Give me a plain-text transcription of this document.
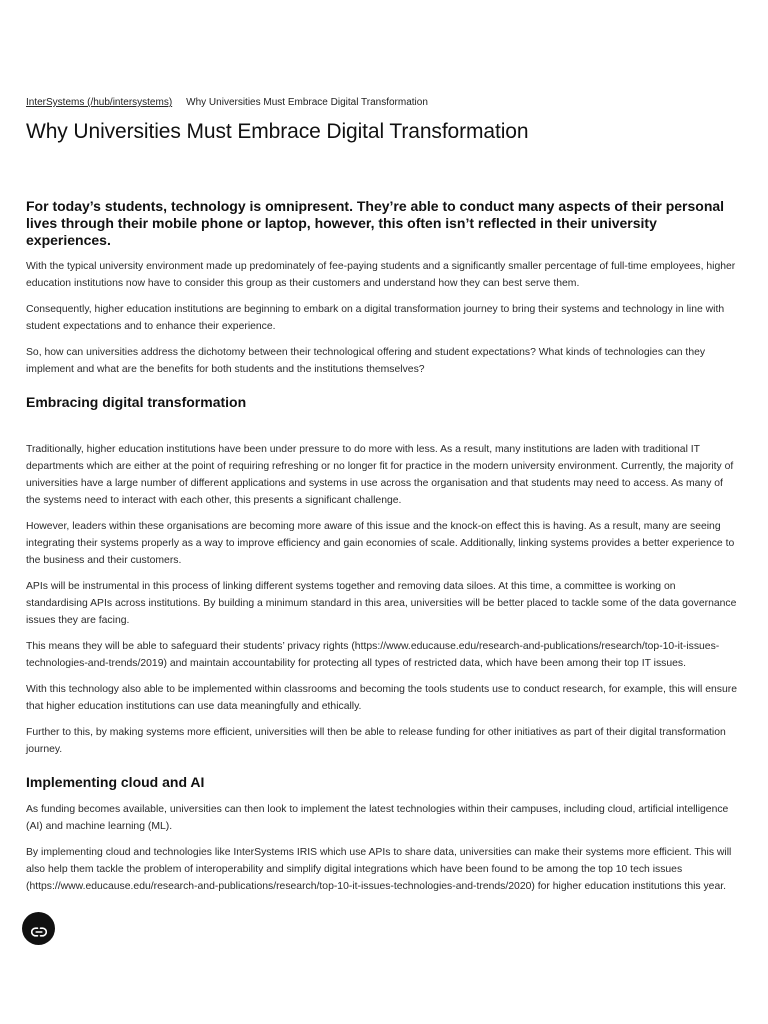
InterSystems (/hub/intersystems) Why Universities Must Embrace Digital Transformation
Why Universities Must Embrace Digital Transformation

For today’s students, technology is omnipresent. They’re able to conduct many aspects of their personal lives through their mobile phone or laptop, however, this often isn’t reflected in their university experiences.

With the typical university environment made up predominately of fee-paying students and a significantly smaller percentage of full-time employees, higher education institutions now have to consider this group as their customers and understand how they can best serve them.

Consequently, higher education institutions are beginning to embark on a digital transformation journey to bring their systems and technology in line with student expectations and to enhance their experience.

So, how can universities address the dichotomy between their technological offering and student expectations? What kinds of technologies can they implement and what are the benefits for both students and the institutions themselves?

Embracing digital transformation

Traditionally, higher education institutions have been under pressure to do more with less. As a result, many institutions are laden with traditional IT departments which are either at the point of requiring refreshing or no longer fit for practice in the modern university environment. Currently, the majority of universities have a large number of different applications and systems in use across the organisation and that students may need to access. As many of the systems need to interact with each other, this presents a significant challenge.

However, leaders within these organisations are becoming more aware of this issue and the knock-on effect this is having. As a result, many are seeing integrating their systems properly as a way to improve efficiency and gain economies of scale. Additionally, linking systems provides a better experience to the business and their customers.

APIs will be instrumental in this process of linking different systems together and removing data siloes. At this time, a committee is working on standardising APIs across institutions. By building a minimum standard in this area, universities will be better placed to tackle some of the data governance issues they are facing.

This means they will be able to safeguard their students’ privacy rights (https://www.educause.edu/research-and-publications/research/top-10-it-issues-technologies-and-trends/2019) and maintain accountability for protecting all types of restricted data, which have been among their top IT issues.

With this technology also able to be implemented within classrooms and becoming the tools students use to conduct research, for example, this will ensure that higher education institutions can use data meaningfully and ethically.

Further to this, by making systems more efficient, universities will then be able to release funding for other initiatives as part of their digital transformation journey.

Implementing cloud and AI

As funding becomes available, universities can then look to implement the latest technologies within their campuses, including cloud, artificial intelligence (AI) and machine learning (ML).

By implementing cloud and technologies like InterSystems IRIS which use APIs to share data, universities can make their systems more efficient. This will also help them tackle the problem of interoperability and simplify digital integrations which have been found to be among the top 10 tech issues (https://www.educause.edu/research-and-publications/research/top-10-it-issues-technologies-and-trends/2020) for higher education institutions this year.
